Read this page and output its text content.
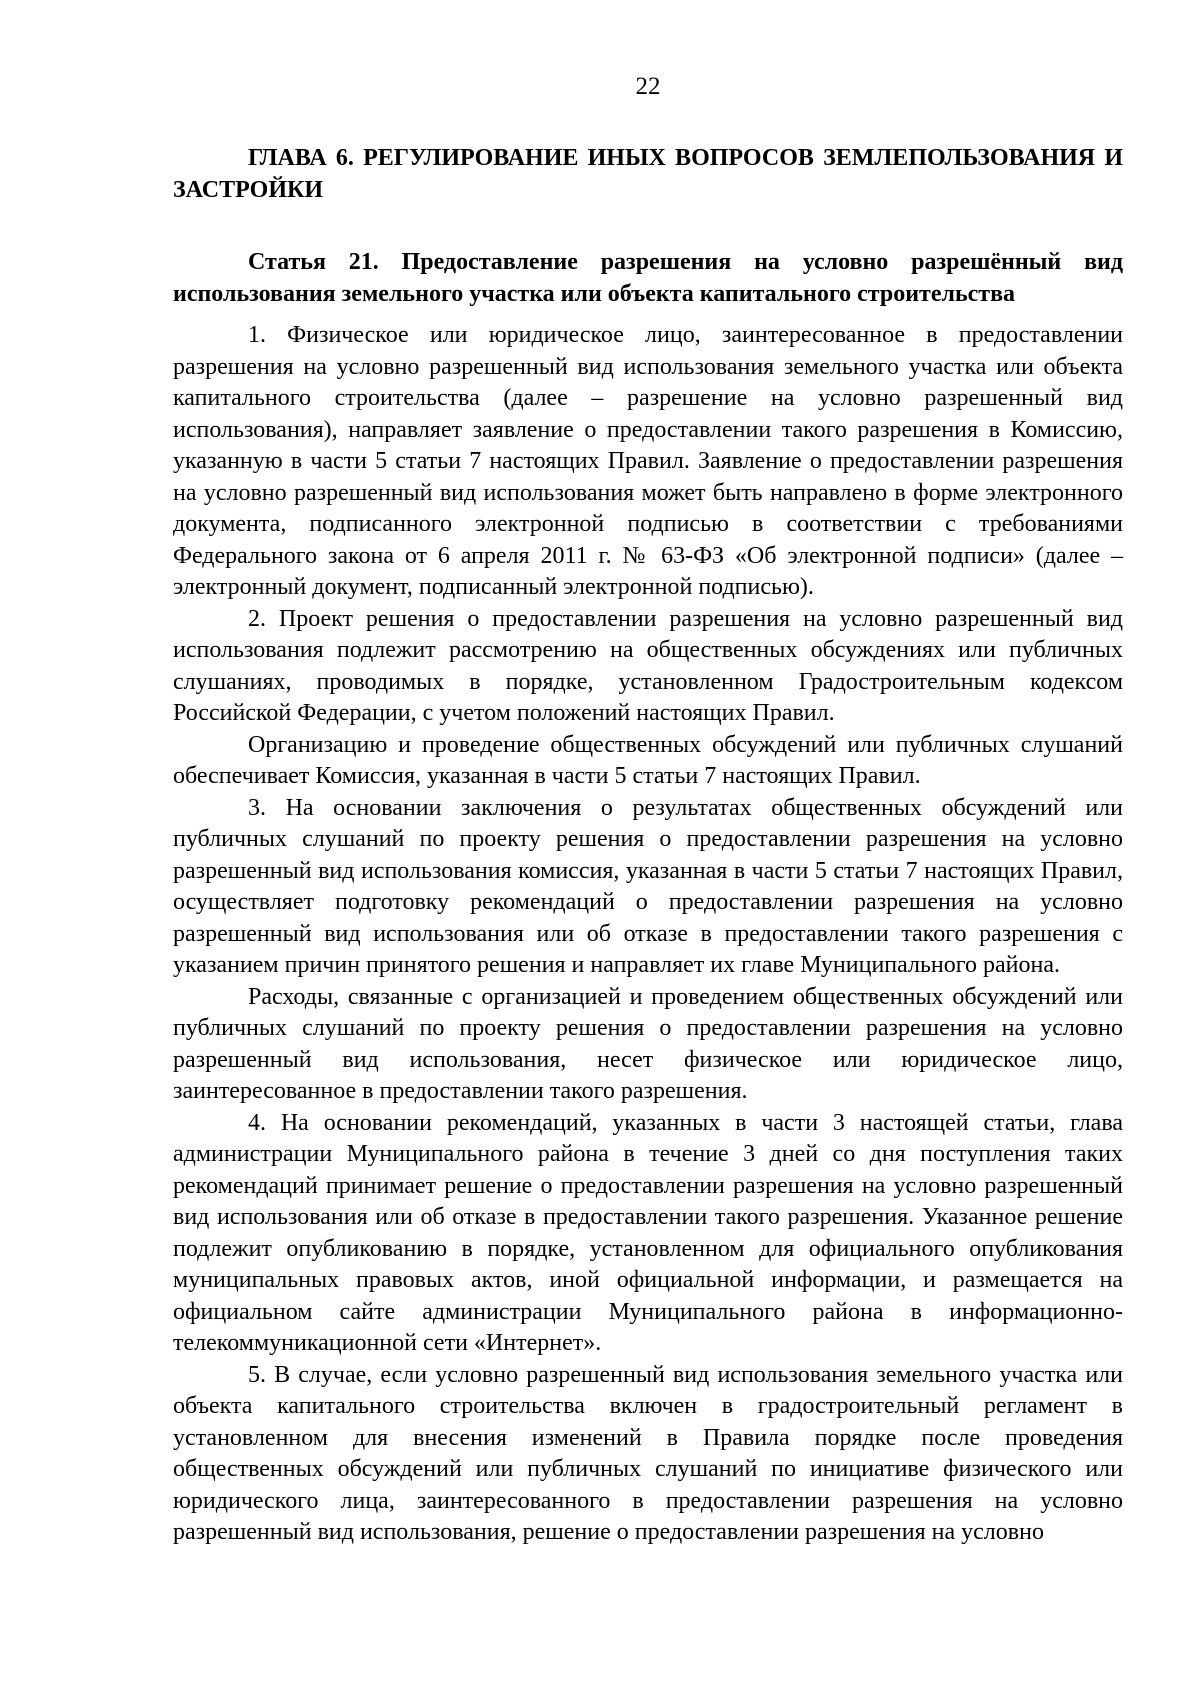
22
ГЛАВА 6. РЕГУЛИРОВАНИЕ ИНЫХ ВОПРОСОВ ЗЕМЛЕПОЛЬЗОВАНИЯ И ЗАСТРОЙКИ
Статья 21. Предоставление разрешения на условно разрешённый вид использования земельного участка или объекта капитального строительства

1. Физическое или юридическое лицо, заинтересованное в предоставлении разрешения на условно разрешенный вид использования земельного участка или объекта капитального строительства (далее – разрешение на условно разрешенный вид использования), направляет заявление о предоставлении такого разрешения в Комиссию, указанную в части 5 статьи 7 настоящих Правил. Заявление о предоставлении разрешения на условно разрешенный вид использования может быть направлено в форме электронного документа, подписанного электронной подписью в соответствии с требованиями Федерального закона от 6 апреля 2011 г. № 63-ФЗ «Об электронной подписи» (далее – электронный документ, подписанный электронной подписью).

2. Проект решения о предоставлении разрешения на условно разрешенный вид использования подлежит рассмотрению на общественных обсуждениях или публичных слушаниях, проводимых в порядке, установленном Градостроительным кодексом Российской Федерации, с учетом положений настоящих Правил.

Организацию и проведение общественных обсуждений или публичных слушаний обеспечивает Комиссия, указанная в части 5 статьи 7 настоящих Правил.

3. На основании заключения о результатах общественных обсуждений или публичных слушаний по проекту решения о предоставлении разрешения на условно разрешенный вид использования комиссия, указанная в части 5 статьи 7 настоящих Правил, осуществляет подготовку рекомендаций о предоставлении разрешения на условно разрешенный вид использования или об отказе в предоставлении такого разрешения с указанием причин принятого решения и направляет их главе Муниципального района.

Расходы, связанные с организацией и проведением общественных обсуждений или публичных слушаний по проекту решения о предоставлении разрешения на условно разрешенный вид использования, несет физическое или юридическое лицо, заинтересованное в предоставлении такого разрешения.

4. На основании рекомендаций, указанных в части 3 настоящей статьи, глава администрации Муниципального района в течение 3 дней со дня поступления таких рекомендаций принимает решение о предоставлении разрешения на условно разрешенный вид использования или об отказе в предоставлении такого разрешения. Указанное решение подлежит опубликованию в порядке, установленном для официального опубликования муниципальных правовых актов, иной официальной информации, и размещается на официальном сайте администрации Муниципального района в информационно-телекоммуникационной сети «Интернет».

5. В случае, если условно разрешенный вид использования земельного участка или объекта капитального строительства включен в градостроительный регламент в установленном для внесения изменений в Правила порядке после проведения общественных обсуждений или публичных слушаний по инициативе физического или юридического лица, заинтересованного в предоставлении разрешения на условно разрешенный вид использования, решение о предоставлении разрешения на условно
